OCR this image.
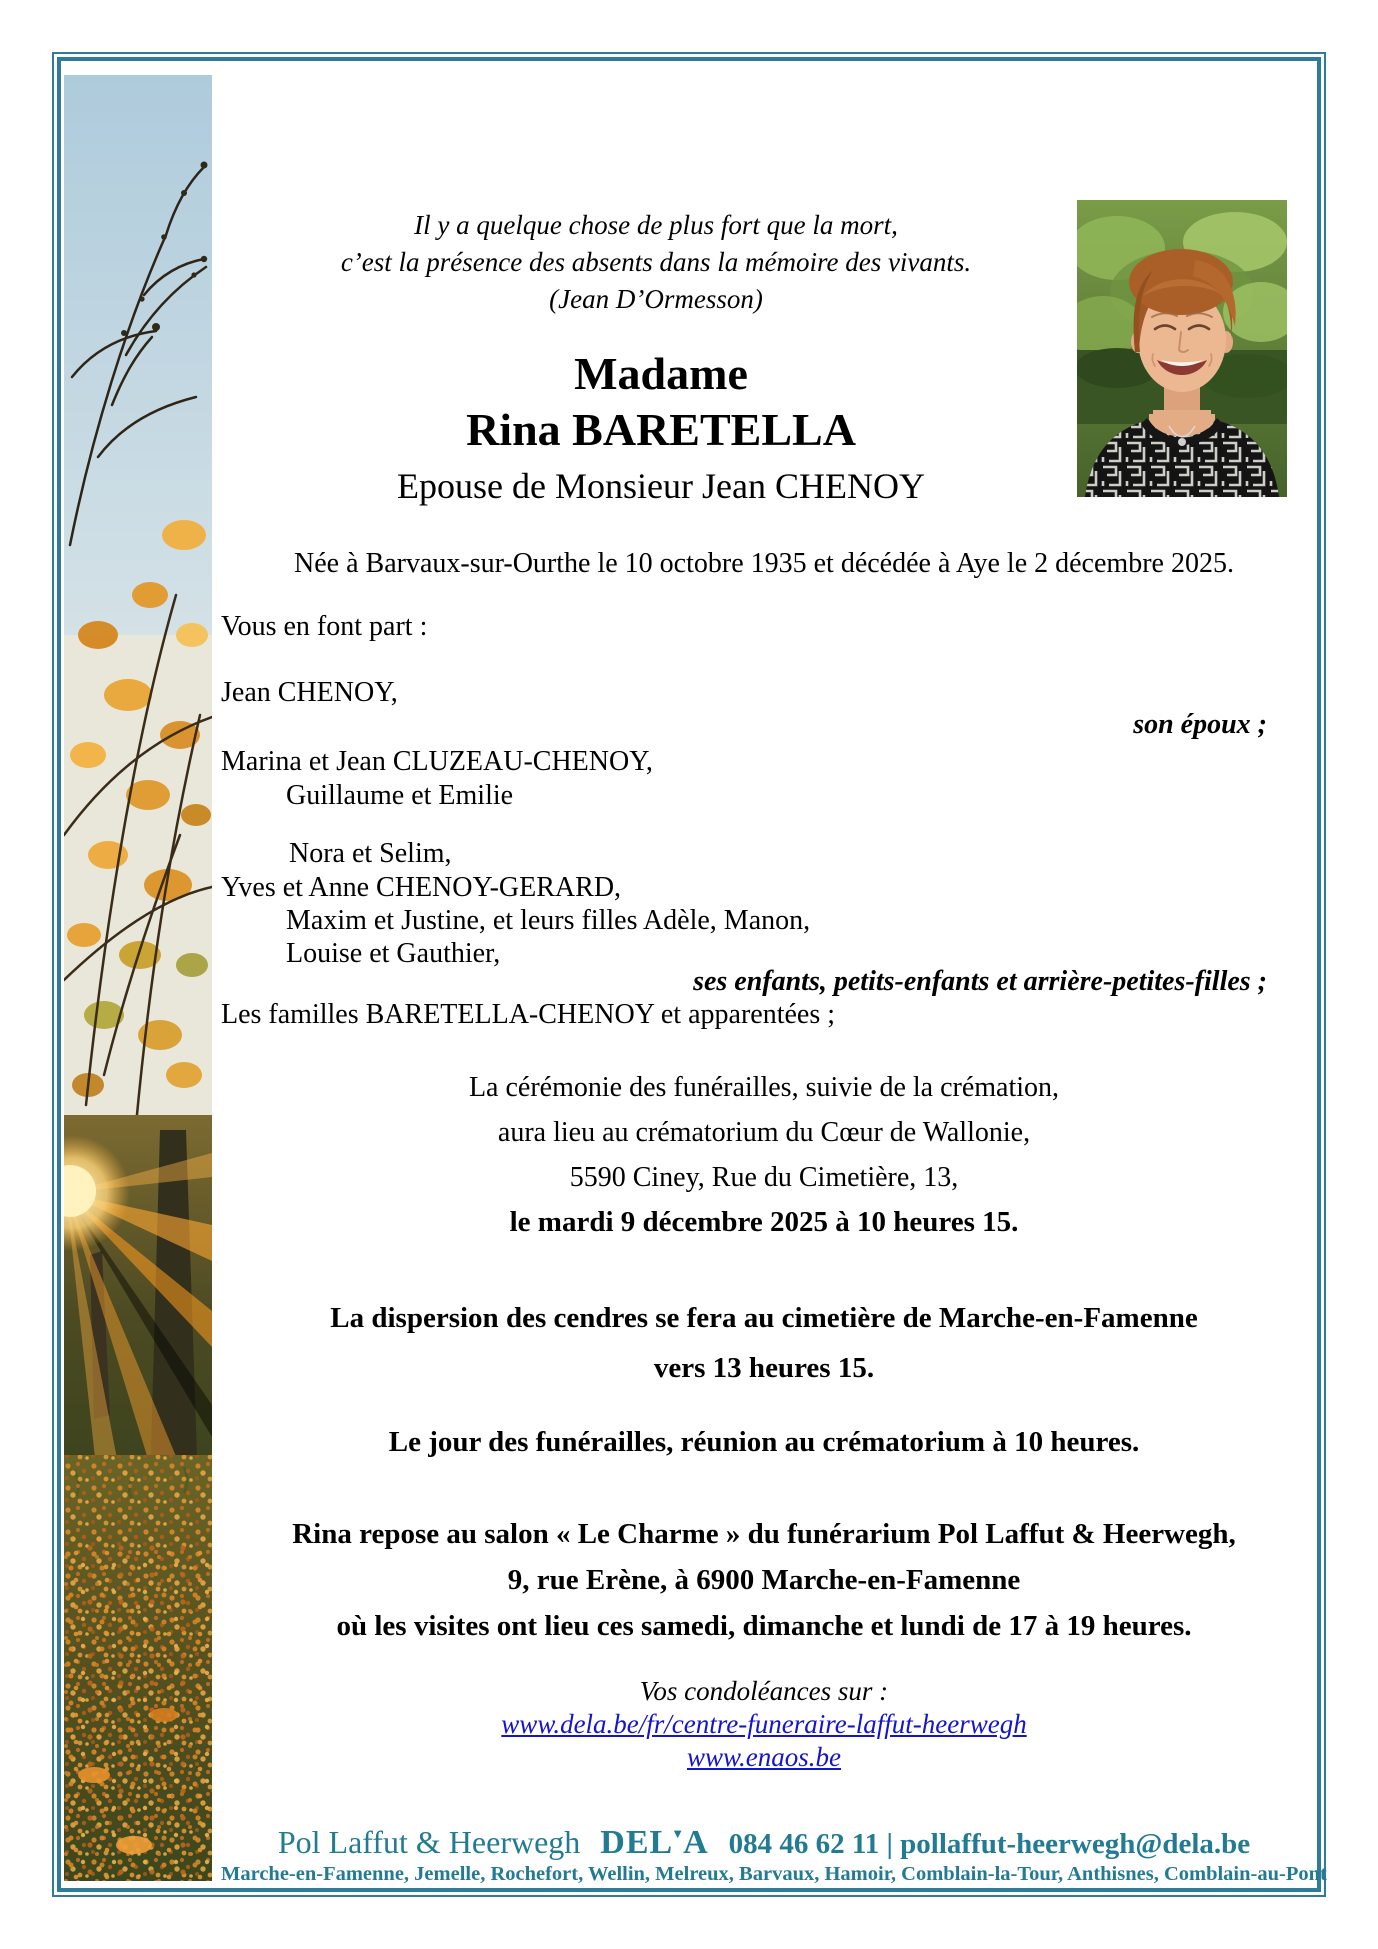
Il y a quelque chose de plus fort que la mort,
c’est la présence des absents dans la mémoire des vivants.
(Jean D’Ormesson)
Madame
Rina BARETELLA
Epouse de Monsieur Jean CHENOY
Née à Barvaux-sur-Ourthe le 10 octobre 1935 et décédée à Aye le 2 décembre 2025.
Vous en font part :
Jean CHENOY,
son époux ;
Marina et Jean CLUZEAU-CHENOY,
Guillaume et Emilie
Nora et Selim,
Yves et Anne CHENOY-GERARD,
Maxim et Justine, et leurs filles Adèle, Manon,
Louise et Gauthier,
ses enfants, petits-enfants et arrière-petites-filles ;
Les familles BARETELLA-CHENOY et apparentées ;
La cérémonie des funérailles, suivie de la crémation,
aura lieu au crématorium du Cœur de Wallonie,
5590 Ciney, Rue du Cimetière, 13,
le mardi 9 décembre 2025 à 10 heures 15.
La dispersion des cendres se fera au cimetière de Marche-en-Famenne
vers 13 heures 15.
Le jour des funérailles, réunion au crématorium à 10 heures.
Rina repose au salon « Le Charme » du funérarium Pol Laffut & Heerwegh,
9, rue Erène, à 6900 Marche-en-Famenne
où les visites ont lieu ces samedi, dimanche et lundi de 17 à 19 heures.
Vos condoléances sur :
www.dela.be/fr/centre-funeraire-laffut-heerwegh
www.enaos.be
Pol Laffut & Heerwegh DEL▼A 084 46 62 11 | pollaffut-heerwegh@dela.be
Marche-en-Famenne, Jemelle, Rochefort, Wellin, Melreux, Barvaux, Hamoir, Comblain-la-Tour, Anthisnes, Comblain-au-Pont
